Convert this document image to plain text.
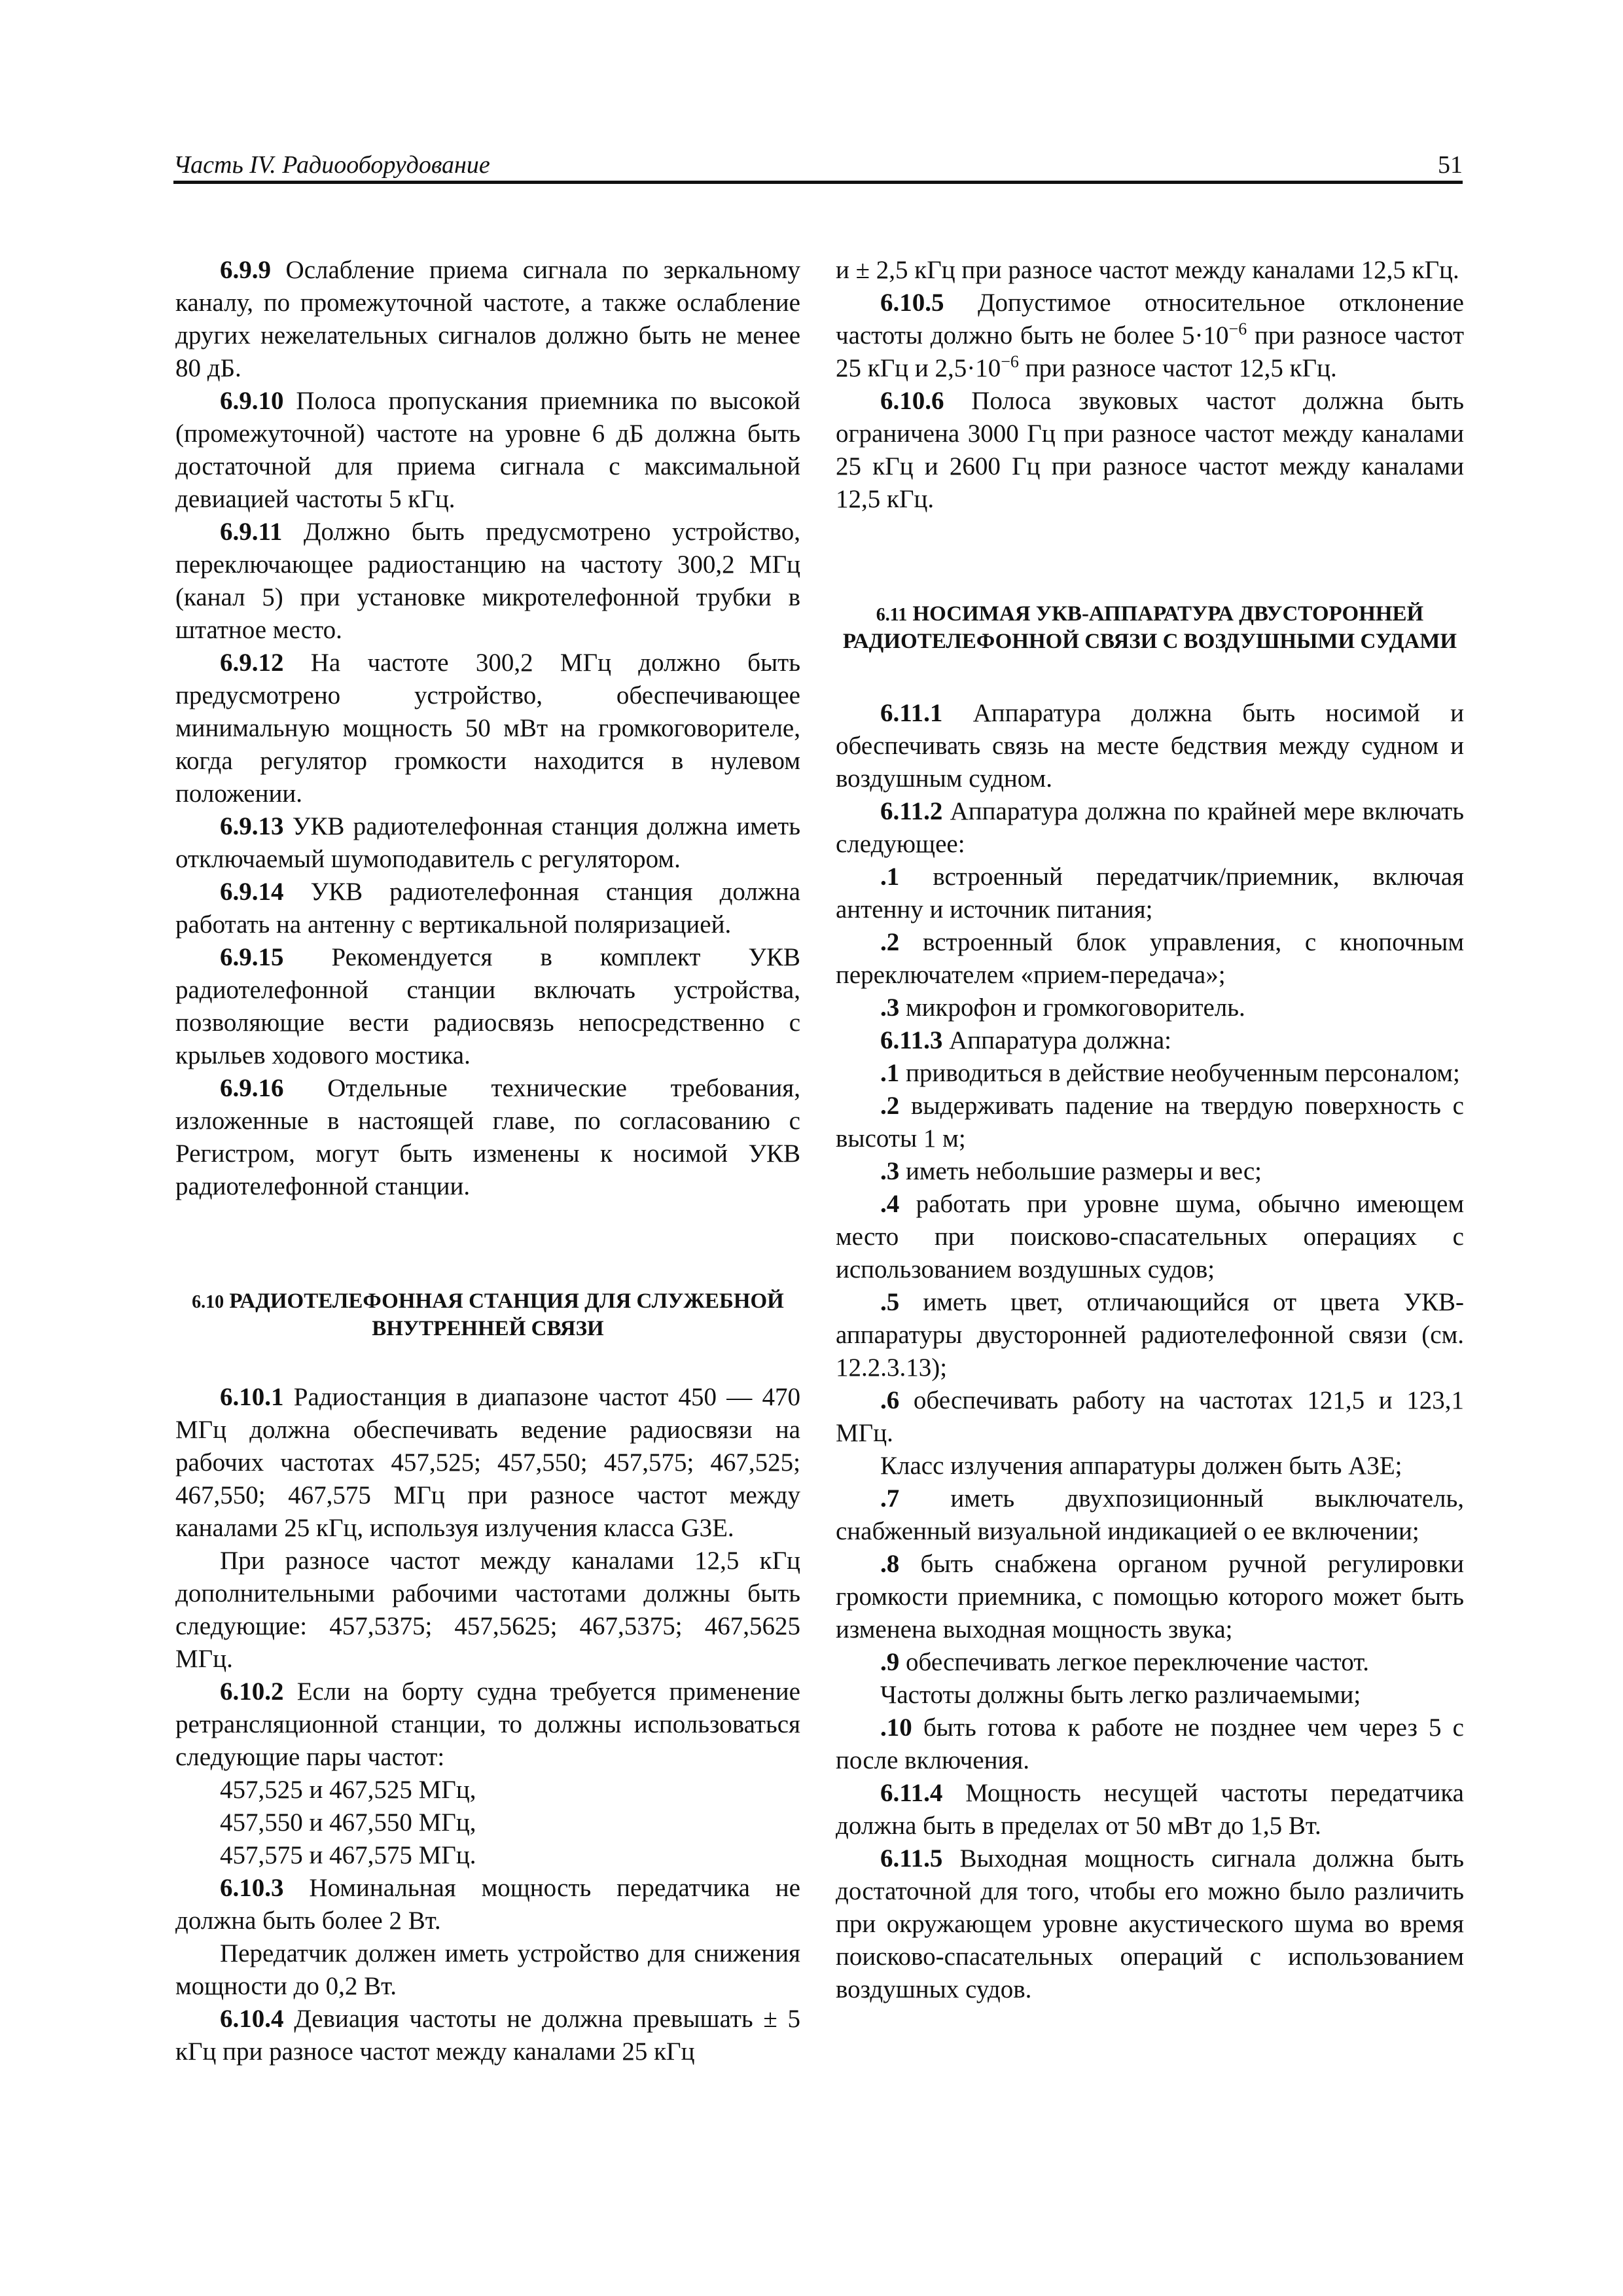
Часть IV. Радиооборудование	51

6.9.9 Ослабление приема сигнала по зеркальному каналу, по промежуточной частоте, а также ослабление других нежелательных сигналов должно быть не менее 80 дБ.

6.9.10 Полоса пропускания приемника по высокой (промежуточной) частоте на уровне 6 дБ должна быть достаточной для приема сигнала с максимальной девиацией частоты 5 кГц.

6.9.11 Должно быть предусмотрено устройство, переключающее радиостанцию на частоту 300,2 МГц (канал 5) при установке микротелефонной трубки в штатное место.

6.9.12 На частоте 300,2 МГц должно быть предусмотрено устройство, обеспечивающее минимальную мощность 50 мВт на громкоговорителе, когда регулятор громкости находится в нулевом положении.

6.9.13 УКВ радиотелефонная станция должна иметь отключаемый шумоподавитель с регулятором.

6.9.14 УКВ радиотелефонная станция должна работать на антенну с вертикальной поляризацией.

6.9.15 Рекомендуется в комплект УКВ радиотелефонной станции включать устройства, позволяющие вести радиосвязь непосредственно с крыльев ходового мостика.

6.9.16 Отдельные технические требования, изложенные в настоящей главе, по согласованию с Регистром, могут быть изменены к носимой УКВ радиотелефонной станции.

6.10 РАДИОТЕЛЕФОННАЯ СТАНЦИЯ ДЛЯ СЛУЖЕБНОЙ ВНУТРЕННЕЙ СВЯЗИ

6.10.1 Радиостанция в диапазоне частот 450 — 470 МГц должна обеспечивать ведение радиосвязи на рабочих частотах 457,525; 457,550; 457,575; 467,525; 467,550; 467,575 МГц при разносе частот между каналами 25 кГц, используя излучения класса G3E.

При разносе частот между каналами 12,5 кГц дополнительными рабочими частотами должны быть следующие: 457,5375; 457,5625; 467,5375; 467,5625 МГц.

6.10.2 Если на борту судна требуется применение ретрансляционной станции, то должны использоваться следующие пары частот:

457,525 и 467,525 МГц,

457,550 и 467,550 МГц,

457,575 и 467,575 МГц.

6.10.3 Номинальная мощность передатчика не должна быть более 2 Вт.

Передатчик должен иметь устройство для снижения мощности до 0,2 Вт.

6.10.4 Девиация частоты не должна превышать ± 5 кГц при разносе частот между каналами 25 кГц

и ± 2,5 кГц при разносе частот между каналами 12,5 кГц.

6.10.5 Допустимое относительное отклонение частоты должно быть не более $5\cdot 10^{-6}$ при разносе частот 25 кГц и $2,5\cdot 10^{-6}$ при разносе частот 12,5 кГц.

6.10.6 Полоса звуковых частот должна быть ограничена 3000 Гц при разносе частот между каналами 25 кГц и 2600 Гц при разносе частот между каналами 12,5 кГц.

6.11 НОСИМАЯ УКВ-АППАРАТУРА ДВУСТОРОННЕЙ РАДИОТЕЛЕФОННОЙ СВЯЗИ С ВОЗДУШНЫМИ СУДАМИ

6.11.1 Аппаратура должна быть носимой и обеспечивать связь на месте бедствия между судном и воздушным судном.

6.11.2 Аппаратура должна по крайней мере включать следующее:

.1 встроенный передатчик/приемник, включая антенну и источник питания;

.2 встроенный блок управления, с кнопочным переключателем «прием-передача»;

.3 микрофон и громкоговоритель.

6.11.3 Аппаратура должна:

.1 приводиться в действие необученным персоналом;

.2 выдерживать падение на твердую поверхность с высоты 1 м;

.3 иметь небольшие размеры и вес;

.4 работать при уровне шума, обычно имеющем место при поисково-спасательных операциях с использованием воздушных судов;

.5 иметь цвет, отличающийся от цвета УКВ-аппаратуры двусторонней радиотелефонной связи (см. 12.2.3.13);

.6 обеспечивать работу на частотах 121,5 и 123,1 МГц.

Класс излучения аппаратуры должен быть A3E;

.7 иметь двухпозиционный выключатель, снабженный визуальной индикацией о ее включении;

.8 быть снабжена органом ручной регулировки громкости приемника, с помощью которого может быть изменена выходная мощность звука;

.9 обеспечивать легкое переключение частот.

Частоты должны быть легко различаемыми;

.10 быть готова к работе не позднее чем через 5 с после включения.

6.11.4 Мощность несущей частоты передатчика должна быть в пределах от 50 мВт до 1,5 Вт.

6.11.5 Выходная мощность сигнала должна быть достаточной для того, чтобы его можно было различить при окружающем уровне акустического шума во время поисково-спасательных операций с использованием воздушных судов.
